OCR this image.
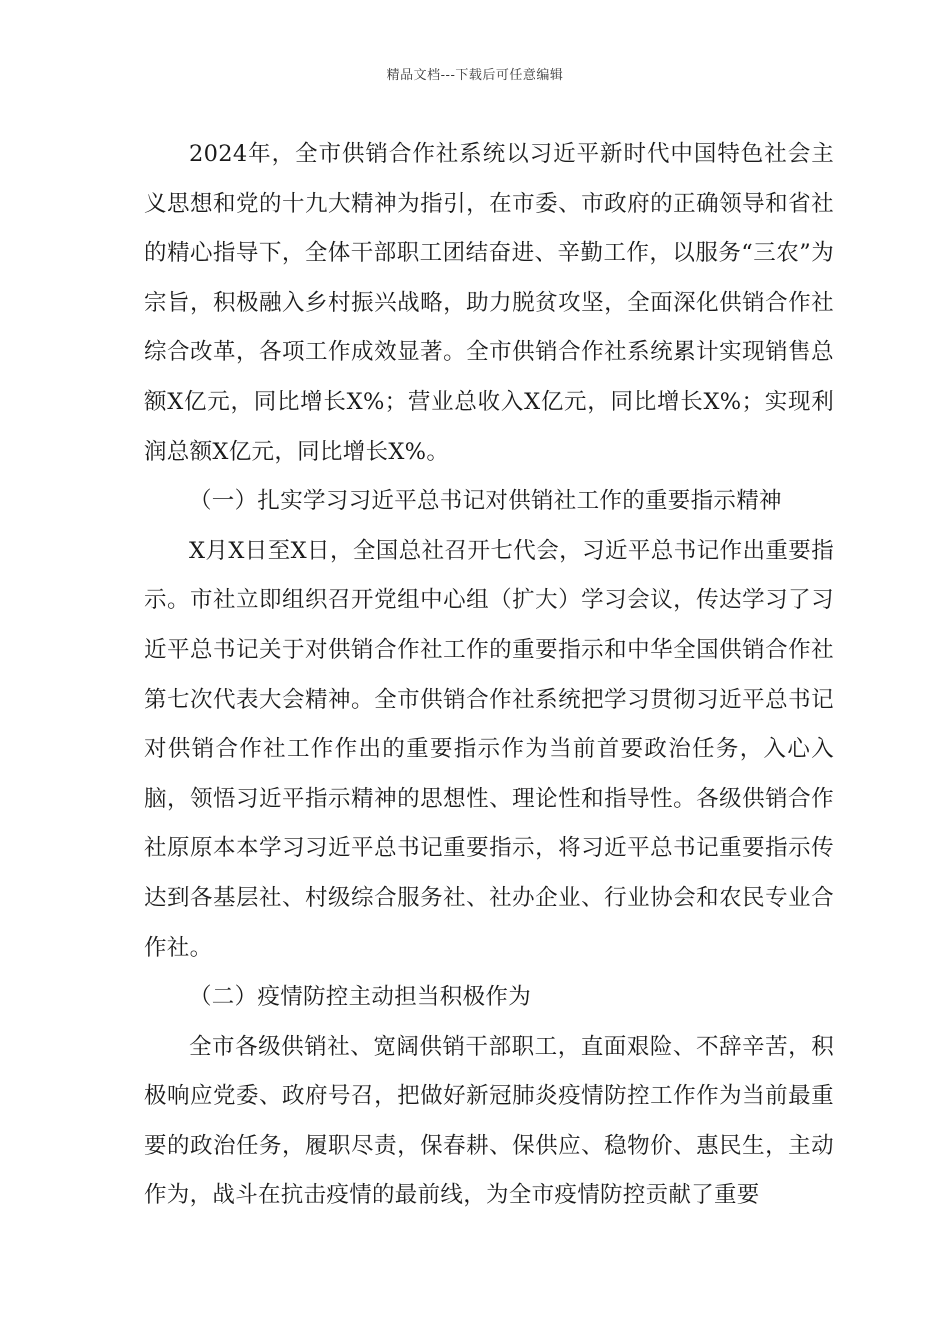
精品文档---下载后可任意编辑

2024年，全市供销合作社系统以习近平新时代中国特色社会主义思想和党的十九大精神为指引，在市委、市政府的正确领导和省社的精心指导下，全体干部职工团结奋进、辛勤工作，以服务“三农”为宗旨，积极融入乡村振兴战略，助力脱贫攻坚，全面深化供销合作社综合改革，各项工作成效显著。全市供销合作社系统累计实现销售总额X亿元，同比增长X%；营业总收入X亿元，同比增长X%；实现利润总额X亿元，同比增长X%。

（一）扎实学习习近平总书记对供销社工作的重要指示精神

X月X日至X日，全国总社召开七代会，习近平总书记作出重要指示。市社立即组织召开党组中心组（扩大）学习会议，传达学习了习近平总书记关于对供销合作社工作的重要指示和中华全国供销合作社第七次代表大会精神。全市供销合作社系统把学习贯彻习近平总书记对供销合作社工作作出的重要指示作为当前首要政治任务，入心入脑，领悟习近平指示精神的思想性、理论性和指导性。各级供销合作社原原本本学习习近平总书记重要指示，将习近平总书记重要指示传达到各基层社、村级综合服务社、社办企业、行业协会和农民专业合作社。

（二）疫情防控主动担当积极作为

全市各级供销社、宽阔供销干部职工，直面艰险、不辞辛苦，积极响应党委、政府号召，把做好新冠肺炎疫情防控工作作为当前最重要的政治任务，履职尽责，保春耕、保供应、稳物价、惠民生，主动作为，战斗在抗击疫情的最前线，为全市疫情防控贡献了重要
